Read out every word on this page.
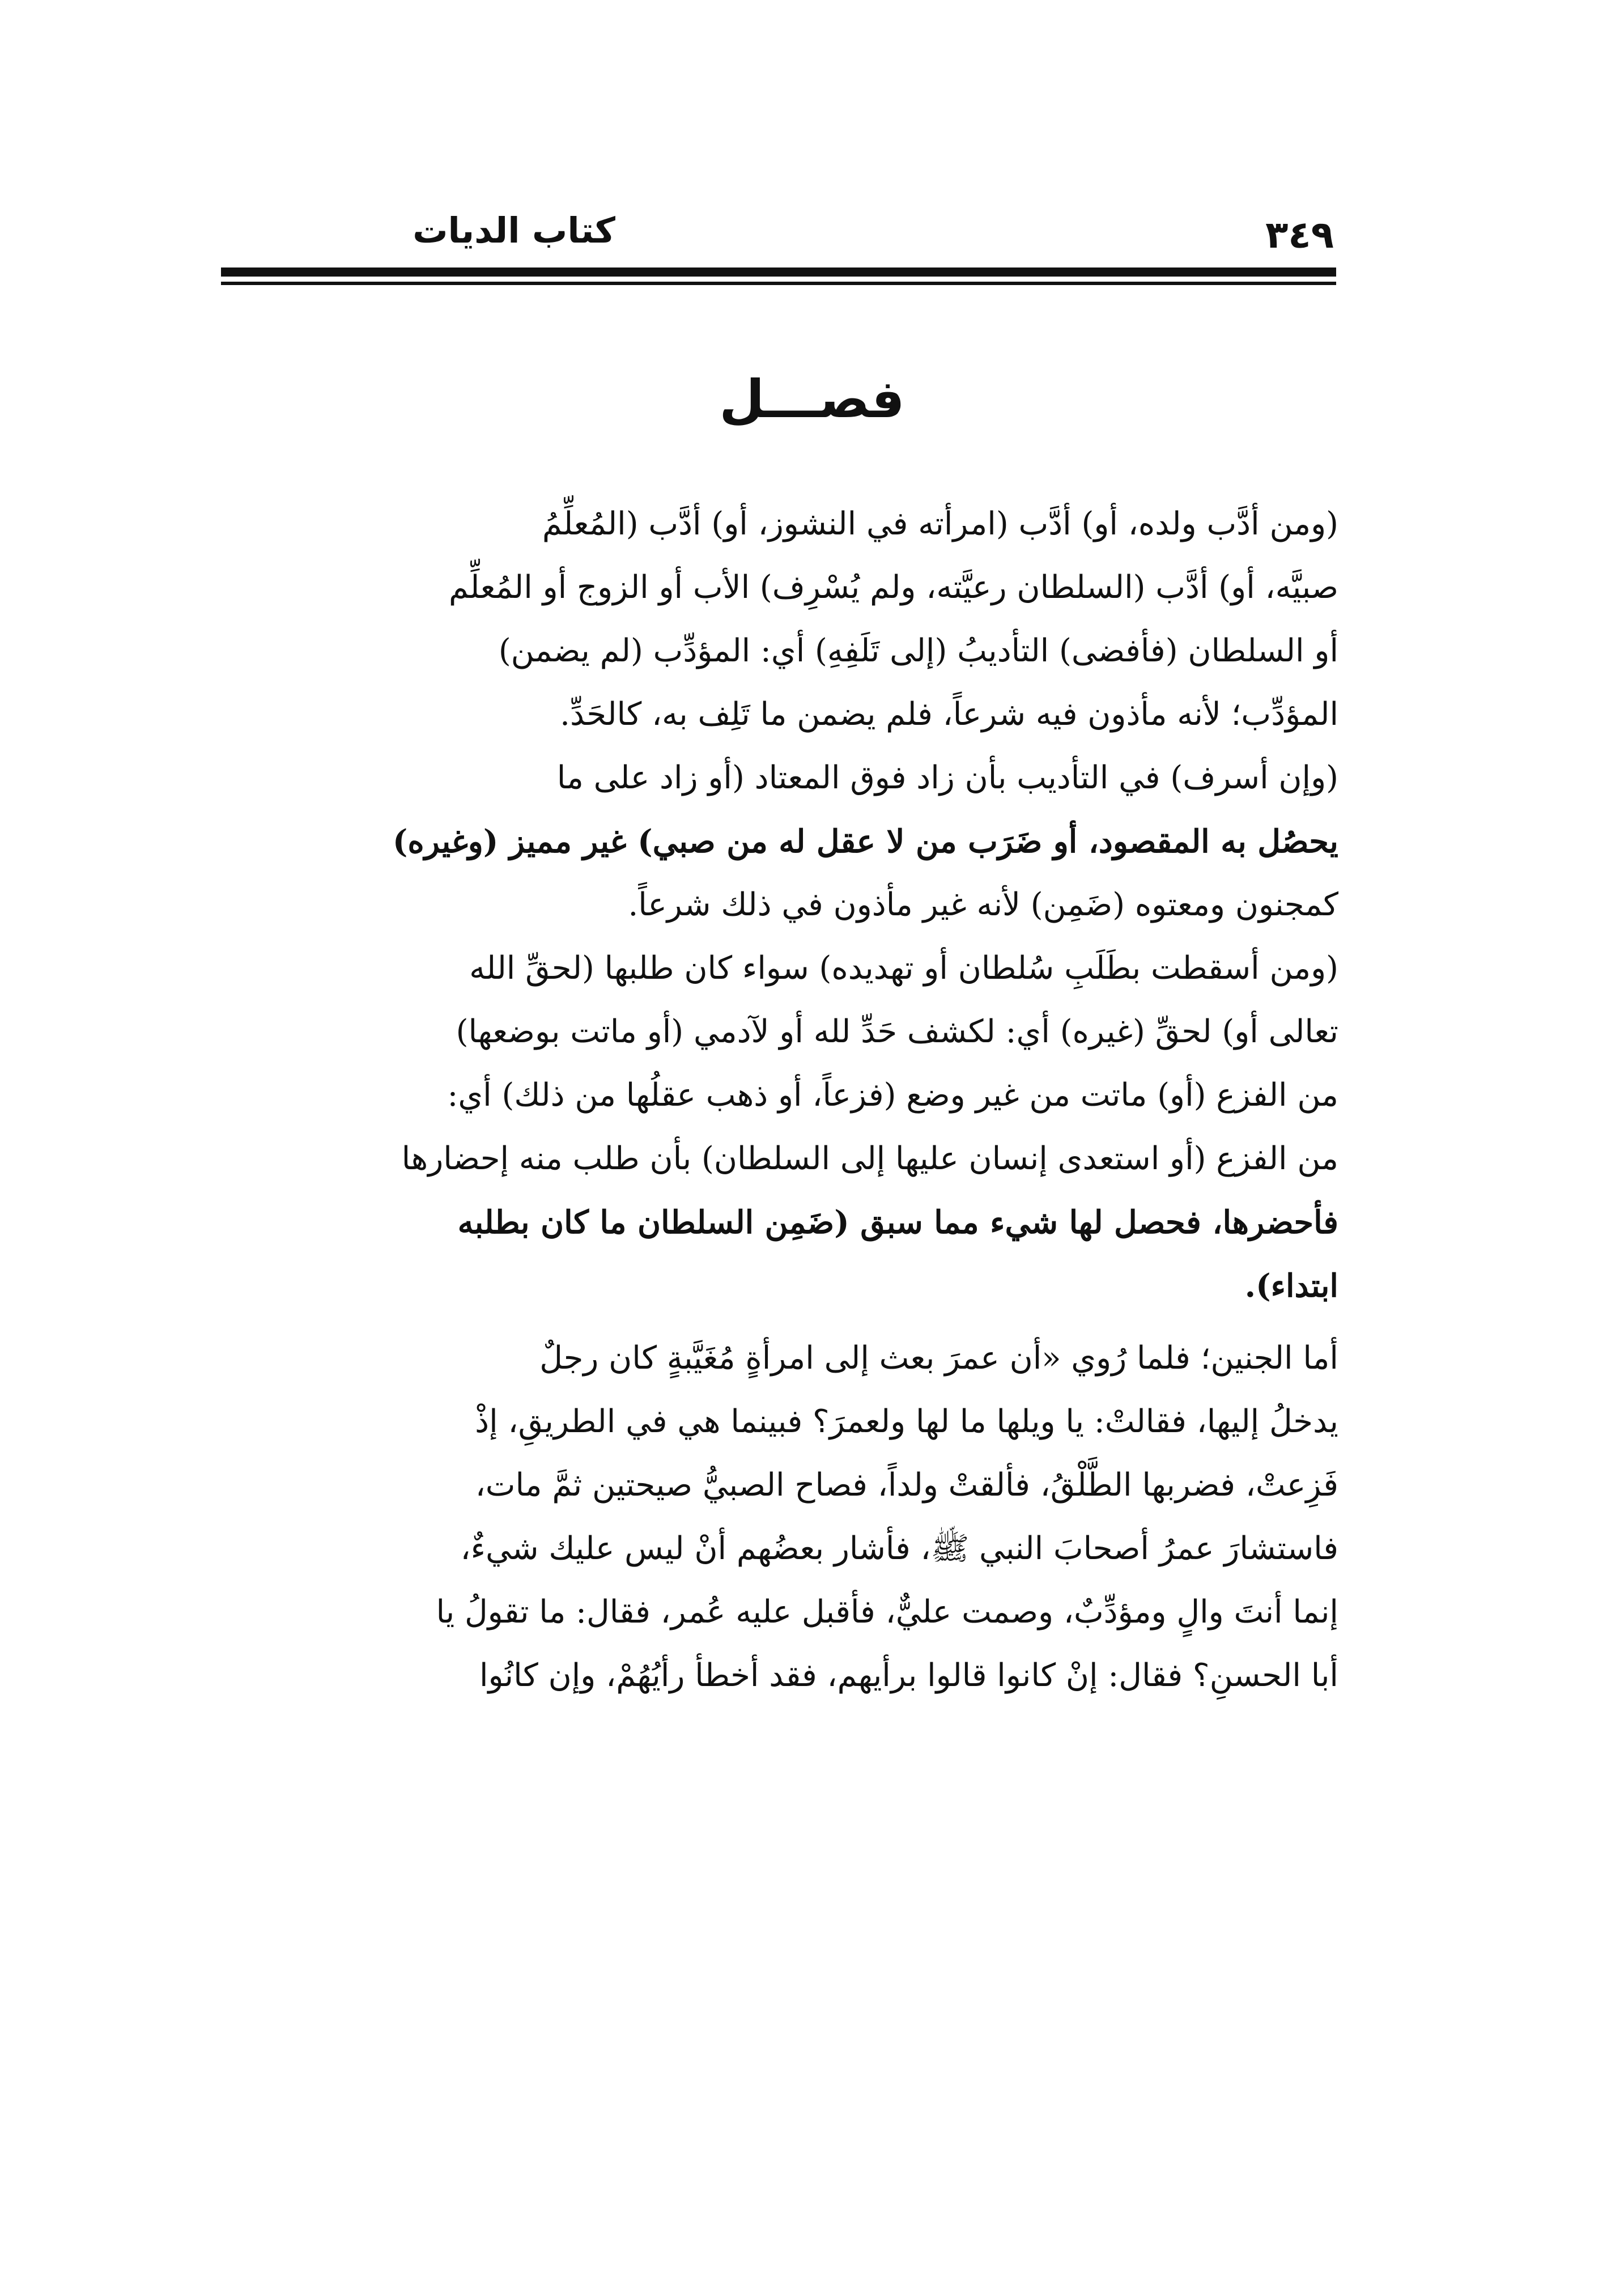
كتاب الديات	٣٤٩
فصـــل
(ومن أدَّب ولده، أو) أدَّب (امرأته في النشوز، أو) أدَّب (المُعلِّمُ
صبيَّه، أو) أدَّب (السلطان رعيَّته، ولم يُسْرِف) الأب أو الزوج أو المُعلِّم
أو السلطان (فأفضى) التأديبُ (إلى تَلَفِهِ) أي: المؤدِّب (لم يضمن)
المؤدِّب؛ لأنه مأذون فيه شرعاً، فلم يضمن ما تَلِف به، كالحَدِّ.
(وإن أسرف) في التأديب بأن زاد فوق المعتاد (أو زاد على ما
يحصُل به المقصود، أو ضَرَب من لا عقل له من صبي) غير مميز (وغيره)
كمجنون ومعتوه (ضَمِن) لأنه غير مأذون في ذلك شرعاً.
(ومن أسقطت بطَلَبِ سُلطان أو تهديده) سواء كان طلبها (لحقِّ الله
تعالى أو) لحقِّ (غيره) أي: لكشف حَدِّ لله أو لآدمي (أو ماتت بوضعها)
من الفزع (أو) ماتت من غير وضع (فزعاً، أو ذهب عقلُها من ذلك) أي:
من الفزع (أو استعدى إنسان عليها إلى السلطان) بأن طلب منه إحضارها
فأحضرها، فحصل لها شيء مما سبق (ضَمِن السلطان ما كان بطلبه
ابتداء).
أما الجنين؛ فلما رُوي «أن عمرَ بعث إلى امرأةٍ مُغَيَّبةٍ كان رجلٌ
يدخلُ إليها، فقالتْ: يا ويلها ما لها ولعمرَ؟ فبينما هي في الطريقِ، إذْ
فَزِعتْ، فضربها الطَّلْقُ، فألقتْ ولداً، فصاح الصبيُّ صيحتين ثمَّ مات،
فاستشارَ عمرُ أصحابَ النبي ﷺ، فأشار بعضُهم أنْ ليس عليك شيءٌ،
إنما أنتَ والٍ ومؤدِّبٌ، وصمت عليٌّ، فأقبل عليه عُمر، فقال: ما تقولُ يا
أبا الحسنِ؟ فقال: إنْ كانوا قالوا برأيهم، فقد أخطأ رأيُهُمْ، وإن كانُوا
